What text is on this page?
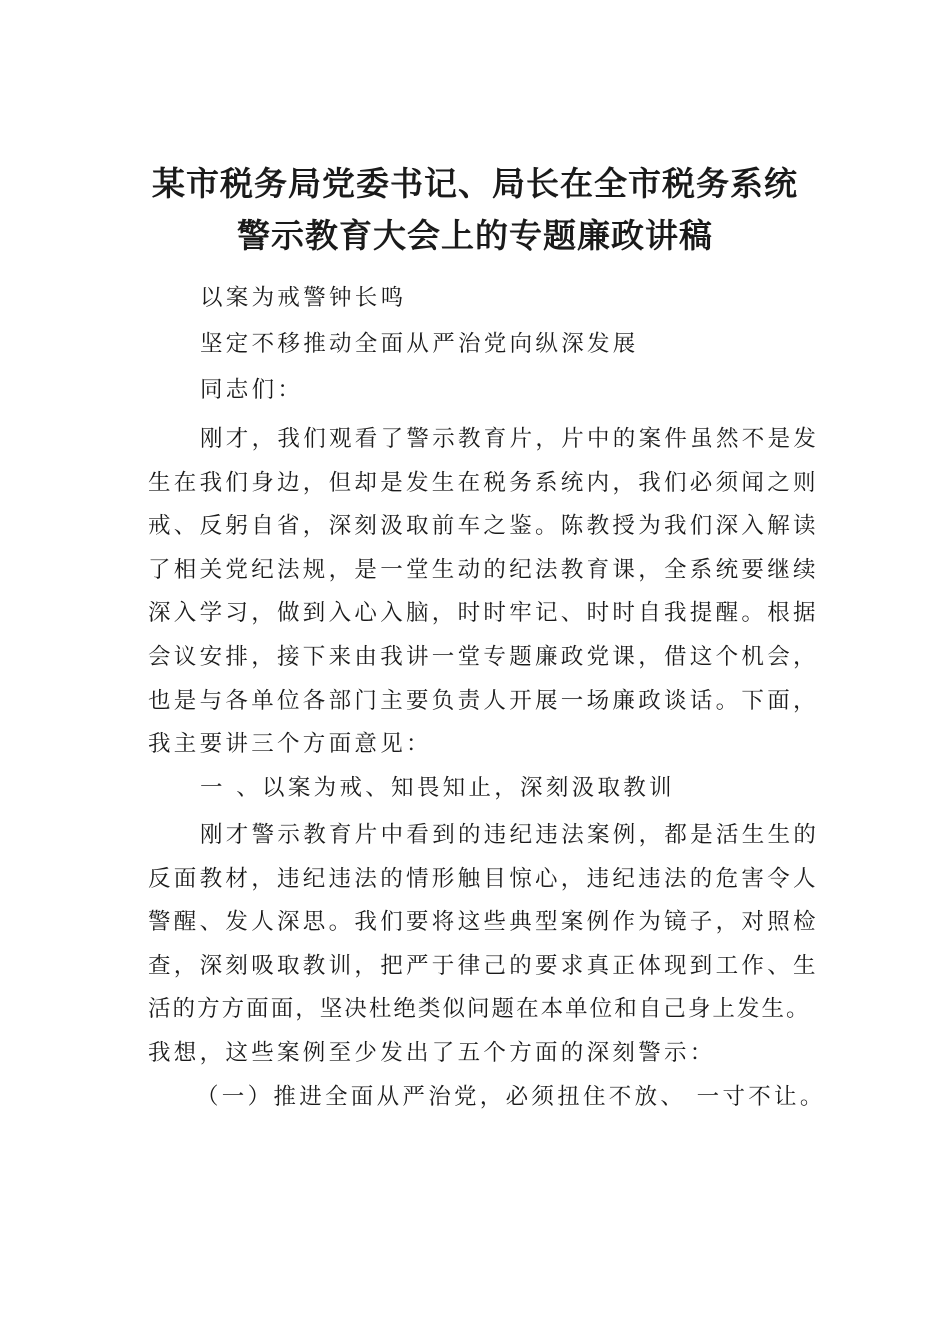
某市税务局党委书记、局长在全市税务系统
警示教育大会上的专题廉政讲稿

以案为戒警钟长鸣

坚定不移推动全面从严治党向纵深发展

同志们：

刚才，我们观看了警示教育片，片中的案件虽然不是发
生在我们身边，但却是发生在税务系统内，我们必须闻之则
戒、反躬自省，深刻汲取前车之鉴。陈教授为我们深入解读
了相关党纪法规，是一堂生动的纪法教育课，全系统要继续
深入学习，做到入心入脑，时时牢记、时时自我提醒。根据
会议安排，接下来由我讲一堂专题廉政党课，借这个机会，
也是与各单位各部门主要负责人开展一场廉政谈话。下面，
我主要讲三个方面意见：

一 、以案为戒、知畏知止，深刻汲取教训

刚才警示教育片中看到的违纪违法案例，都是活生生的
反面教材，违纪违法的情形触目惊心，违纪违法的危害令人
警醒、发人深思。我们要将这些典型案例作为镜子，对照检
查，深刻吸取教训，把严于律己的要求真正体现到工作、生
活的方方面面，坚决杜绝类似问题在本单位和自己身上发生。
我想，这些案例至少发出了五个方面的深刻警示：

（一）推进全面从严治党，必须扭住不放、 一寸不让。
